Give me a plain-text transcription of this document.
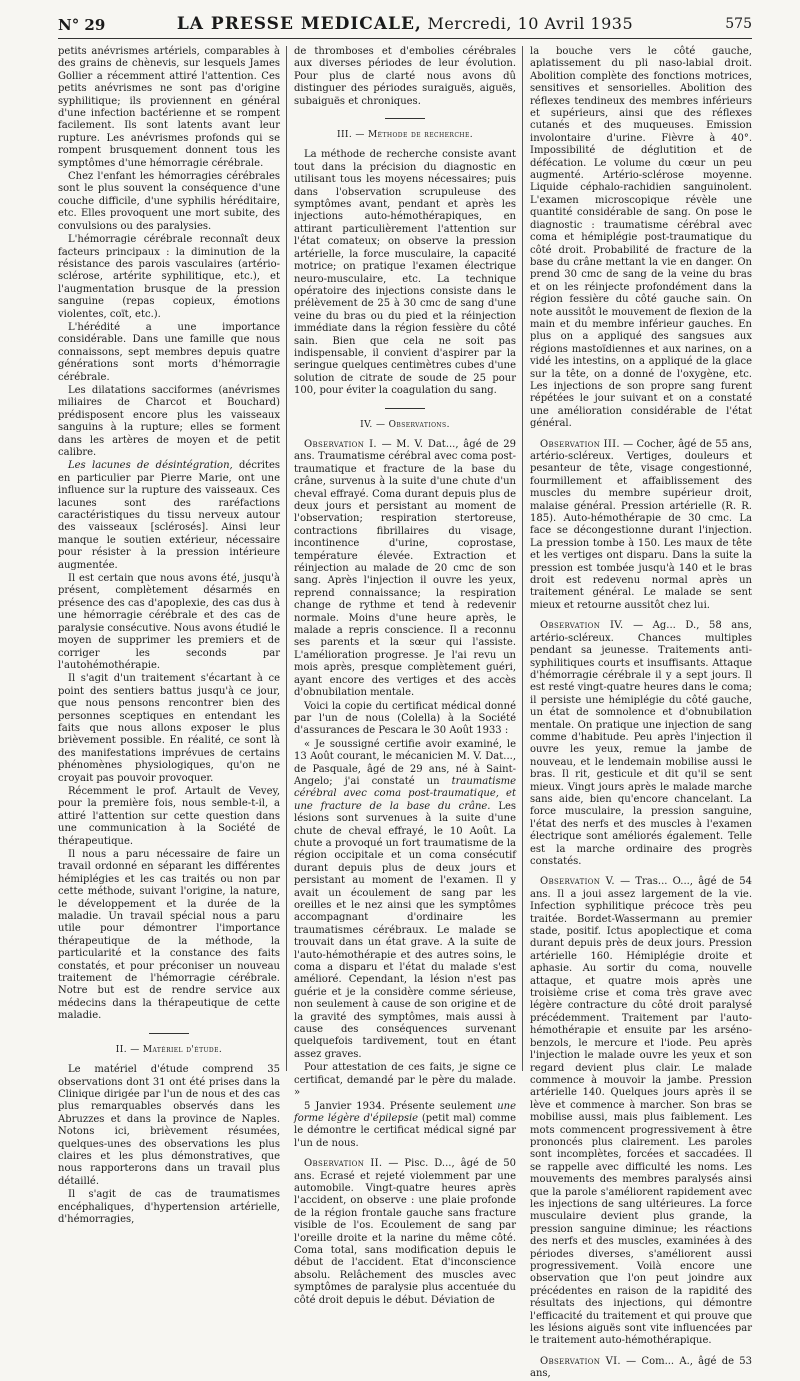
N° 29	LA PRESSE MEDICALE, Mercredi, 10 Avril 1935	575

petits anévrismes artériels, comparables à des grains de chènevis, sur lesquels James Gollier a récemment attiré l'attention. Ces petits anévrismes ne sont pas d'origine syphilitique; ils proviennent en général d'une infection bactérienne et se rompent facilement. Ils sont latents avant leur rupture. Les anévrismes profonds qui se rompent brusquement donnent tous les symptômes d'une hémorragie cérébrale.

Chez l'enfant les hémorragies cérébrales sont le plus souvent la conséquence d'une couche difficile, d'une syphilis héréditaire, etc. Elles provoquent une mort subite, des convulsions ou des paralysies.

L'hémorragie cérébrale reconnaît deux facteurs principaux : la diminution de la résistance des parois vasculaires (artério-sclérose, artérite syphilitique, etc.), et l'augmentation brusque de la pression sanguine (repas copieux, émotions violentes, coït, etc.).

L'hérédité a une importance considérable. Dans une famille que nous connaissons, sept membres depuis quatre générations sont morts d'hémorragie cérébrale.

Les dilatations sacciformes (anévrismes miliaires de Charcot et Bouchard) prédisposent encore plus les vaisseaux sanguins à la rupture; elles se forment dans les artères de moyen et de petit calibre.

Les lacunes de désintégration, décrites en particulier par Pierre Marie, ont une influence sur la rupture des vaisseaux. Ces lacunes sont des raréfactions caractéristiques du tissu nerveux autour des vaisseaux [sclérosés]. Ainsi leur manque le soutien extérieur, nécessaire pour résister à la pression intérieure augmentée.

Il est certain que nous avons été, jusqu'à présent, complètement désarmés en présence des cas d'apoplexie, des cas dus à une hémorragie cérébrale et des cas de paralysie consécutive. Nous avons étudié le moyen de supprimer les premiers et de corriger les seconds par l'autohémothérapie.

Il s'agit d'un traitement s'écartant à ce point des sentiers battus jusqu'à ce jour, que nous pensons rencontrer bien des personnes sceptiques en entendant les faits que nous allons exposer le plus brièvement possible. En réalité, ce sont là des manifestations imprévues de certains phénomènes physiologiques, qu'on ne croyait pas pouvoir provoquer.

Récemment le prof. Artault de Vevey, pour la première fois, nous semble-t-il, a attiré l'attention sur cette question dans une communication à la Société de thérapeutique.

Il nous a paru nécessaire de faire un travail ordonné en séparant les différentes hémiplégies et les cas traités ou non par cette méthode, suivant l'origine, la nature, le développement et la durée de la maladie. Un travail spécial nous a paru utile pour démontrer l'importance thérapeutique de la méthode, la particularité et la constance des faits constatés, et pour préconiser un nouveau traitement de l'hémorragie cérébrale. Notre but est de rendre service aux médecins dans la thérapeutique de cette maladie.

II. — Matériel d'étude.

Le matériel d'étude comprend 35 observations dont 31 ont été prises dans la Clinique dirigée par l'un de nous et des cas plus remarquables observés dans les Abruzzes et dans la province de Naples. Notons ici, brièvement résumées, quelques-unes des observations les plus claires et les plus démonstratives, que nous rapporterons dans un travail plus détaillé.

Il s'agit de cas de traumatismes encéphaliques, d'hypertension artérielle, d'hémorragies,

de thromboses et d'embolies cérébrales aux diverses périodes de leur évolution. Pour plus de clarté nous avons dû distinguer des périodes suraiguës, aiguës, subaiguës et chroniques.

III. — Méthode de recherche.

La méthode de recherche consiste avant tout dans la précision du diagnostic en utilisant tous les moyens nécessaires; puis dans l'observation scrupuleuse des symptômes avant, pendant et après les injections auto-hémothérapiques, en attirant particulièrement l'attention sur l'état comateux; on observe la pression artérielle, la force musculaire, la capacité motrice; on pratique l'examen électrique neuro-musculaire, etc. La technique opératoire des injections consiste dans le prélèvement de 25 à 30 cmc de sang d'une veine du bras ou du pied et la réinjection immédiate dans la région fessière du côté sain. Bien que cela ne soit pas indispensable, il convient d'aspirer par la seringue quelques centimètres cubes d'une solution de citrate de soude de 25 pour 100, pour éviter la coagulation du sang.

IV. — Observations.

Observation I. — M. V. Dat..., âgé de 29 ans. Traumatisme cérébral avec coma post-traumatique et fracture de la base du crâne, survenus à la suite d'une chute d'un cheval effrayé. Coma durant depuis plus de deux jours et persistant au moment de l'observation; respiration stertoreuse, contractions fibrillaires du visage, incontinence d'urine, coprostase, température élevée. Extraction et réinjection au malade de 20 cmc de son sang. Après l'injection il ouvre les yeux, reprend connaissance; la respiration change de rythme et tend à redevenir normale. Moins d'une heure après, le malade a repris conscience. Il a reconnu ses parents et la sœur qui l'assiste. L'amélioration progresse. Je l'ai revu un mois après, presque complètement guéri, ayant encore des vertiges et des accès d'obnubilation mentale.

Voici la copie du certificat médical donné par l'un de nous (Colella) à la Société d'assurances de Pescara le 30 Août 1933 :

« Je soussigné certifie avoir examiné, le 13 Août courant, le mécanicien M. V. Dat..., de Pasquale, âgé de 29 ans, né à Saint-Angelo; j'ai constaté un traumatisme cérébral avec coma post-traumatique, et une fracture de la base du crâne. Les lésions sont survenues à la suite d'une chute de cheval effrayé, le 10 Août. La chute a provoqué un fort traumatisme de la région occipitale et un coma consécutif durant depuis plus de deux jours et persistant au moment de l'examen. Il y avait un écoulement de sang par les oreilles et le nez ainsi que les symptômes accompagnant d'ordinaire les traumatismes cérébraux. Le malade se trouvait dans un état grave. A la suite de l'auto-hémothérapie et des autres soins, le coma a disparu et l'état du malade s'est amélioré. Cependant, la lésion n'est pas guérie et je la considère comme sérieuse, non seulement à cause de son origine et de la gravité des symptômes, mais aussi à cause des conséquences survenant quelquefois tardivement, tout en étant assez graves.

Pour attestation de ces faits, je signe ce certificat, demandé par le père du malade. »

5 Janvier 1934. Présente seulement une forme légère d'épilepsie (petit mal) comme le démontre le certificat médical signé par l'un de nous.

Observation II. — Pisc. D..., âgé de 50 ans. Ecrasé et rejeté violemment par une automobile. Vingt-quatre heures après l'accident, on observe : une plaie profonde de la région frontale gauche sans fracture visible de l'os. Ecoulement de sang par l'oreille droite et la narine du même côté. Coma total, sans modification depuis le début de l'accident. Etat d'inconscience absolu. Relâchement des muscles avec symptômes de paralysie plus accentuée du côté droit depuis le début. Déviation de

la bouche vers le côté gauche, aplatissement du pli naso-labial droit. Abolition complète des fonctions motrices, sensitives et sensorielles. Abolition des réflexes tendineux des membres inférieurs et supérieurs, ainsi que des réflexes cutanés et des muqueuses. Emission involontaire d'urine. Fièvre à 40°. Impossibilité de déglutition et de défécation. Le volume du cœur un peu augmenté. Artério-sclérose moyenne. Liquide céphalo-rachidien sanguinolent. L'examen microscopique révèle une quantité considérable de sang. On pose le diagnostic : traumatisme cérébral avec coma et hémiplégie post-traumatique du côté droit. Probabilité de fracture de la base du crâne mettant la vie en danger. On prend 30 cmc de sang de la veine du bras et on les réinjecte profondément dans la région fessière du côté gauche sain. On note aussitôt le mouvement de flexion de la main et du membre inférieur gauches. En plus on a appliqué des sangsues aux régions mastoïdiennes et aux narines, on a vidé les intestins, on a appliqué de la glace sur la tête, on a donné de l'oxygène, etc. Les injections de son propre sang furent répétées le jour suivant et on a constaté une amélioration considérable de l'état général.

Observation III. — Cocher, âgé de 55 ans, artério-scléreux. Vertiges, douleurs et pesanteur de tête, visage congestionné, fourmillement et affaiblissement des muscles du membre supérieur droit, malaise général. Pression artérielle (R. R. 185). Auto-hémothérapie de 30 cmc. La face se décongestionne durant l'injection. La pression tombe à 150. Les maux de tête et les vertiges ont disparu. Dans la suite la pression est tombée jusqu'à 140 et le bras droit est redevenu normal après un traitement général. Le malade se sent mieux et retourne aussitôt chez lui.

Observation IV. — Ag... D., 58 ans, artério-scléreux. Chances multiples pendant sa jeunesse. Traitements anti-syphilitiques courts et insuffisants. Attaque d'hémorragie cérébrale il y a sept jours. Il est resté vingt-quatre heures dans le coma; il persiste une hémiplégie du côté gauche, un état de somnolence et d'obnubilation mentale. On pratique une injection de sang comme d'habitude. Peu après l'injection il ouvre les yeux, remue la jambe de nouveau, et le lendemain mobilise aussi le bras. Il rit, gesticule et dit qu'il se sent mieux. Vingt jours après le malade marche sans aide, bien qu'encore chancelant. La force musculaire, la pression sanguine, l'état des nerfs et des muscles à l'examen électrique sont améliorés également. Telle est la marche ordinaire des progrès constatés.

Observation V. — Tras... O..., âgé de 54 ans. Il a joui assez largement de la vie. Infection syphilitique précoce très peu traitée. Bordet-Wassermann au premier stade, positif. Ictus apoplectique et coma durant depuis près de deux jours. Pression artérielle 160. Hémiplégie droite et aphasie. Au sortir du coma, nouvelle attaque, et quatre mois après une troisième crise et coma très grave avec légère contracture du côté droit paralysé précédemment. Traitement par l'auto-hémothérapie et ensuite par les arséno-benzols, le mercure et l'iode. Peu après l'injection le malade ouvre les yeux et son regard devient plus clair. Le malade commence à mouvoir la jambe. Pression artérielle 140. Quelques jours après il se lève et commence à marcher. Son bras se mobilise aussi, mais plus faiblement. Les mots commencent progressivement à être prononcés plus clairement. Les paroles sont incomplètes, forcées et saccadées. Il se rappelle avec difficulté les noms. Les mouvements des membres paralysés ainsi que la parole s'améliorent rapidement avec les injections de sang ultérieures. La force musculaire devient plus grande, la pression sanguine diminue; les réactions des nerfs et des muscles, examinées à des périodes diverses, s'améliorent aussi progressivement. Voilà encore une observation que l'on peut joindre aux précédentes en raison de la rapidité des résultats des injections, qui démontre l'efficacité du traitement et qui prouve que les lésions aiguës sont vite influencées par le traitement auto-hémothérapique.

Observation VI. — Com... A., âgé de 53 ans,
